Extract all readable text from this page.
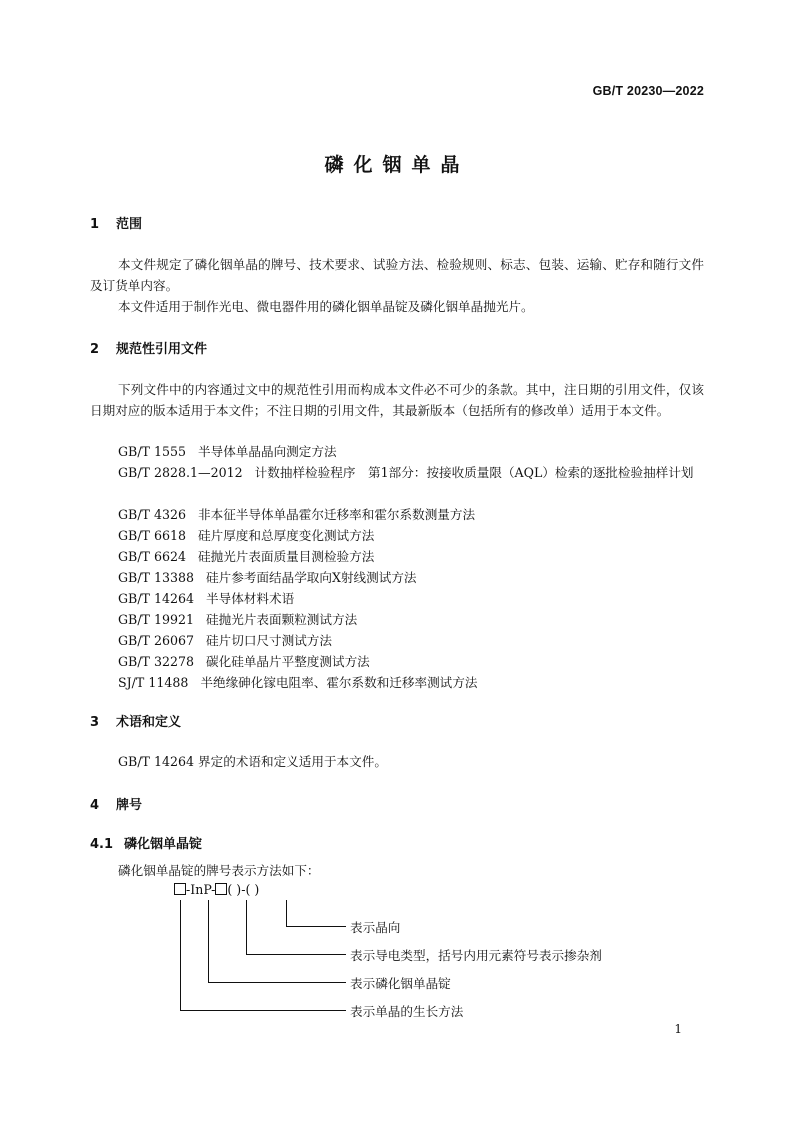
GB/T 20230—2022
磷化铟单晶
1 范围
本文件规定了磷化铟单晶的牌号、技术要求、试验方法、检验规则、标志、包装、运输、贮存和随行文件及订货单内容。
本文件适用于制作光电、微电器件用的磷化铟单晶锭及磷化铟单晶抛光片。
2 规范性引用文件
下列文件中的内容通过文中的规范性引用而构成本文件必不可少的条款。其中，注日期的引用文件，仅该日期对应的版本适用于本文件；不注日期的引用文件，其最新版本（包括所有的修改单）适用于本文件。
GB/T 1555 半导体单晶晶向测定方法
GB/T 2828.1—2012 计数抽样检验程序　第1部分：按接收质量限（AQL）检索的逐批检验抽样计划
GB/T 4326 非本征半导体单晶霍尔迁移率和霍尔系数测量方法
GB/T 6618 硅片厚度和总厚度变化测试方法
GB/T 6624 硅抛光片表面质量目测检验方法
GB/T 13388 硅片参考面结晶学取向X射线测试方法
GB/T 14264 半导体材料术语
GB/T 19921 硅抛光片表面颗粒测试方法
GB/T 26067 硅片切口尺寸测试方法
GB/T 32278 碳化硅单晶片平整度测试方法
SJ/T 11488 半绝缘砷化镓电阻率、霍尔系数和迁移率测试方法
3 术语和定义
GB/T 14264 界定的术语和定义适用于本文件。
4 牌号
4.1 磷化铟单晶锭
磷化铟单晶锭的牌号表示方法如下：
-InP- ( )-( )
表示晶向
表示导电类型，括号内用元素符号表示掺杂剂
表示磷化铟单晶锭
表示单晶的生长方法
1
